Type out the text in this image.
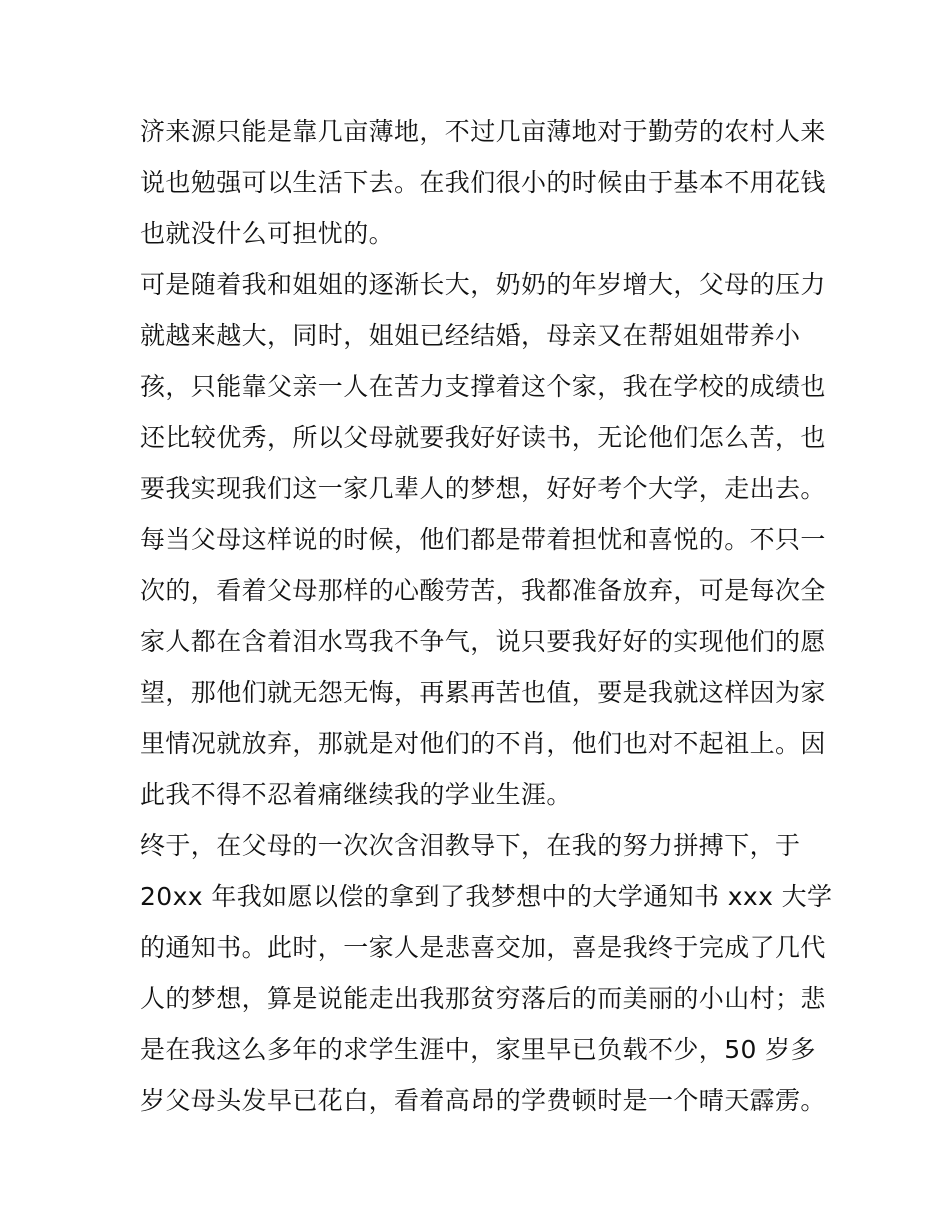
济来源只能是靠几亩薄地，不过几亩薄地对于勤劳的农村人来
说也勉强可以生活下去。在我们很小的时候由于基本不用花钱
也就没什么可担忧的。
可是随着我和姐姐的逐渐长大，奶奶的年岁增大，父母的压力
就越来越大，同时，姐姐已经结婚，母亲又在帮姐姐带养小
孩，只能靠父亲一人在苦力支撑着这个家，我在学校的成绩也
还比较优秀，所以父母就要我好好读书，无论他们怎么苦，也
要我实现我们这一家几辈人的梦想，好好考个大学，走出去。
每当父母这样说的时候，他们都是带着担忧和喜悦的。不只一
次的，看着父母那样的心酸劳苦，我都准备放弃，可是每次全
家人都在含着泪水骂我不争气，说只要我好好的实现他们的愿
望，那他们就无怨无悔，再累再苦也值，要是我就这样因为家
里情况就放弃，那就是对他们的不肖，他们也对不起祖上。因
此我不得不忍着痛继续我的学业生涯。
终于，在父母的一次次含泪教导下，在我的努力拼搏下，于
20xx 年我如愿以偿的拿到了我梦想中的大学通知书 xxx 大学
的通知书。此时，一家人是悲喜交加，喜是我终于完成了几代
人的梦想，算是说能走出我那贫穷落后的而美丽的小山村；悲
是在我这么多年的求学生涯中，家里早已负载不少，50 岁多
岁父母头发早已花白，看着高昂的学费顿时是一个晴天霹雳。
